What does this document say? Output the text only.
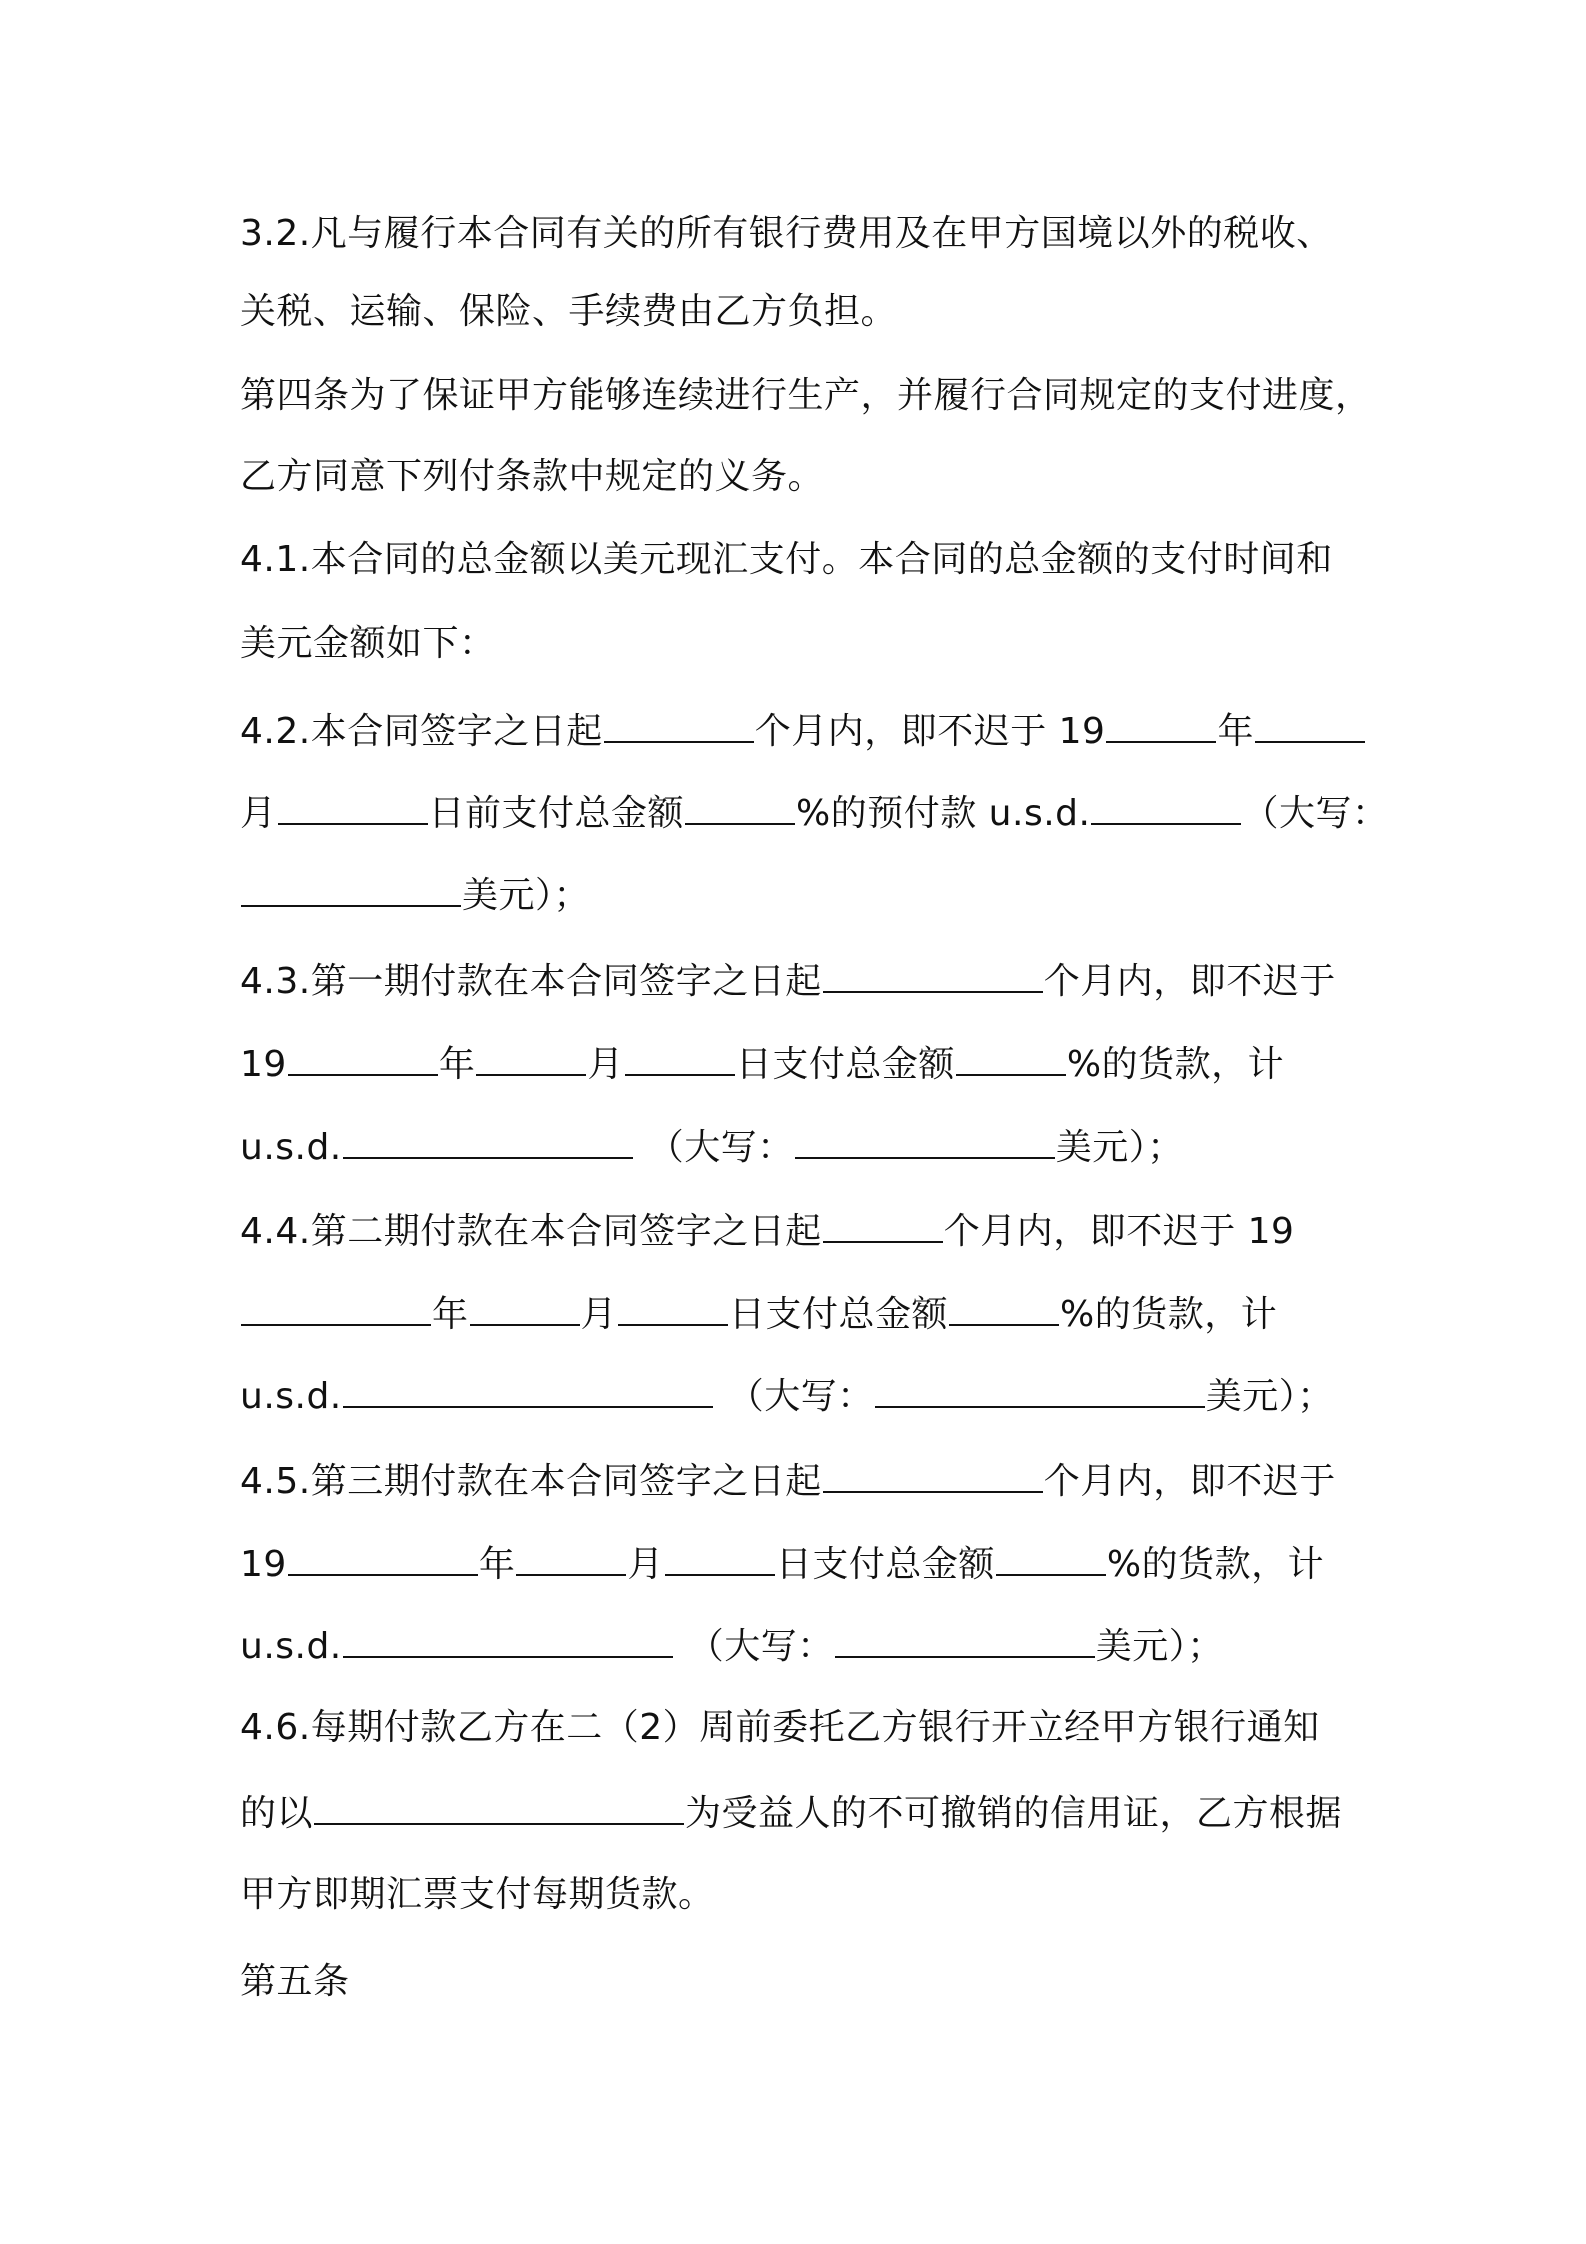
3.2.凡与履行本合同有关的所有银行费用及在甲方国境以外的税收、
关税、运输、保险、手续费由乙方负担。
第四条为了保证甲方能够连续进行生产，并履行合同规定的支付进度，
乙方同意下列付条款中规定的义务。
4.1.本合同的总金额以美元现汇支付。本合同的总金额的支付时间和
美元金额如下：
4.2.本合同签字之日起	个月内，即不迟于 19	年
月	日前支付总金额	%的预付款 u.s.d.	（大写：
美元）；
4.3.第一期付款在本合同签字之日起	个月内，即不迟于
19	年	月	日支付总金额	%的货款，计
u.s.d.	（大写：	美元）；
4.4.第二期付款在本合同签字之日起	个月内，即不迟于 19
年	月	日支付总金额	%的货款，计
u.s.d.	（大写：	美元）；
4.5.第三期付款在本合同签字之日起	个月内，即不迟于
19	年	月	日支付总金额	%的货款，计
u.s.d.	（大写：	美元）；
4.6.每期付款乙方在二（2）周前委托乙方银行开立经甲方银行通知
的以	为受益人的不可撤销的信用证，乙方根据
甲方即期汇票支付每期货款。
第五条
